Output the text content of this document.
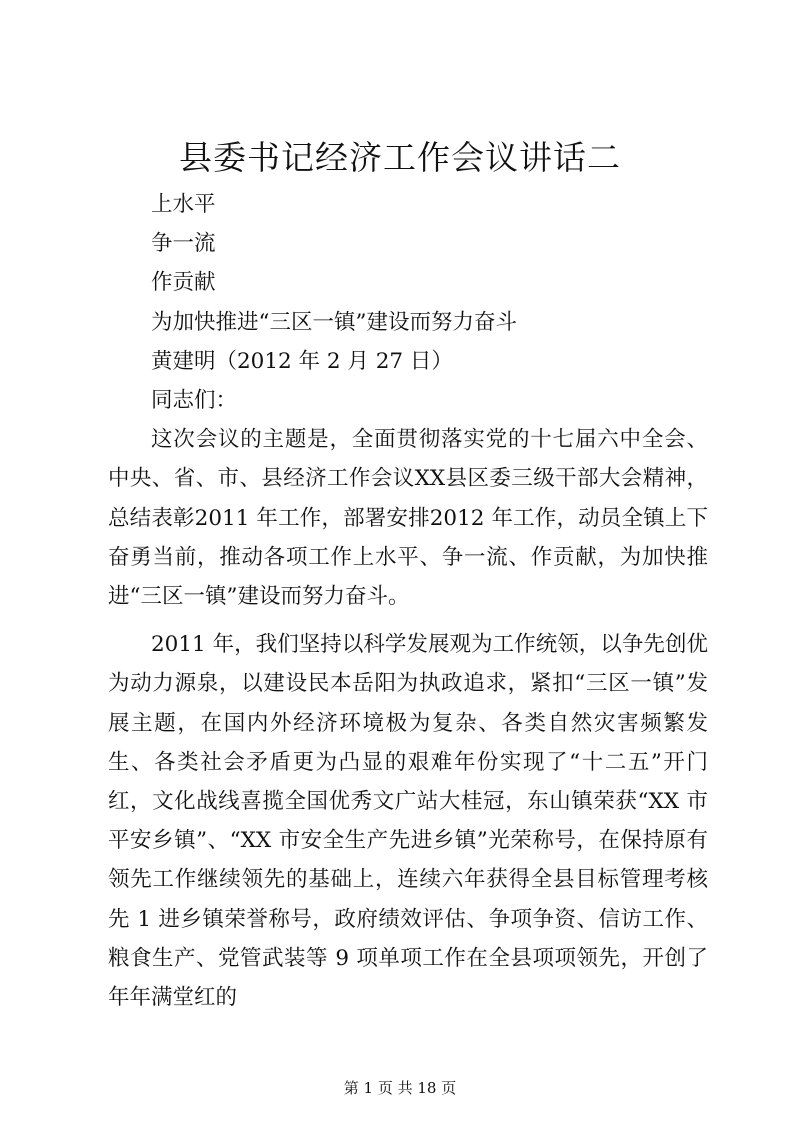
县委书记经济工作会议讲话二

上水平

争一流

作贡献

为加快推进“三区一镇”建设而努力奋斗

黄建明（2012 年 2 月 27 日）

同志们：

这次会议的主题是，全面贯彻落实党的十七届六中全会、中央、省、市、县经济工作会议XX县区委三级干部大会精神，总结表彰2011 年工作，部署安排2012 年工作，动员全镇上下奋勇当前，推动各项工作上水平、争一流、作贡献，为加快推进“三区一镇”建设而努力奋斗。

2011 年，我们坚持以科学发展观为工作统领，以争先创优为动力源泉，以建设民本岳阳为执政追求，紧扣“三区一镇”发展主题，在国内外经济环境极为复杂、各类自然灾害频繁发生、各类社会矛盾更为凸显的艰难年份实现了“十二五”开门红，文化战线喜揽全国优秀文广站大桂冠，东山镇荣获“XX 市平安乡镇”、“XX 市安全生产先进乡镇”光荣称号，在保持原有领先工作继续领先的基础上，连续六年获得全县目标管理考核先 1 进乡镇荣誉称号，政府绩效评估、争项争资、信访工作、粮食生产、党管武装等 9 项单项工作在全县项项领先，开创了年年满堂红的

第 1 页 共 18 页
